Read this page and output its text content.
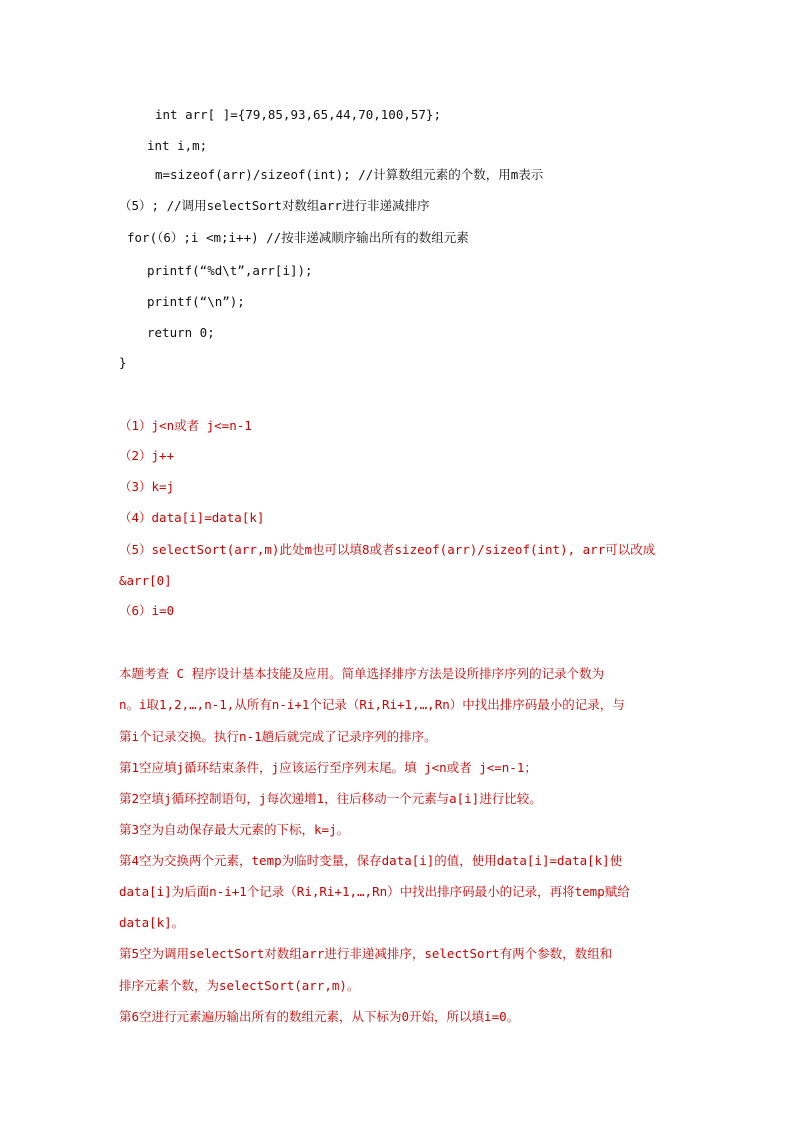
int arr[ ]={79,85,93,65,44,70,100,57};
int i,m;
m=sizeof(arr)/sizeof(int); //计算数组元素的个数，用m表示
（5）; //调用selectSort对数组arr进行非递减排序
for(（6）;i <m;i++) //按非递减顺序输出所有的数组元素
printf(“%d\t”,arr[i]);
printf(“\n”);
return 0;
}
（1）j<n或者 j<=n-1
（2）j++
（3）k=j
（4）data[i]=data[k]
（5）selectSort(arr,m)此处m也可以填8或者sizeof(arr)/sizeof(int), arr可以改成
&arr[0]
（6）i=0
本题考查 C 程序设计基本技能及应用。简单选择排序方法是设所排序序列的记录个数为
n。i取1,2,…,n-1,从所有n-i+1个记录（Ri,Ri+1,…,Rn）中找出排序码最小的记录，与
第i个记录交换。执行n-1趟后就完成了记录序列的排序。
第1空应填j循环结束条件，j应该运行至序列末尾。填 j<n或者 j<=n-1；
第2空填j循环控制语句，j每次递增1，往后移动一个元素与a[i]进行比较。
第3空为自动保存最大元素的下标，k=j。
第4空为交换两个元素，temp为临时变量，保存data[i]的值，使用data[i]=data[k]使
data[i]为后面n-i+1个记录（Ri,Ri+1,…,Rn）中找出排序码最小的记录，再将temp赋给
data[k]。
第5空为调用selectSort对数组arr进行非递减排序，selectSort有两个参数，数组和
排序元素个数，为selectSort(arr,m)。
第6空进行元素遍历输出所有的数组元素，从下标为0开始，所以填i=0。
